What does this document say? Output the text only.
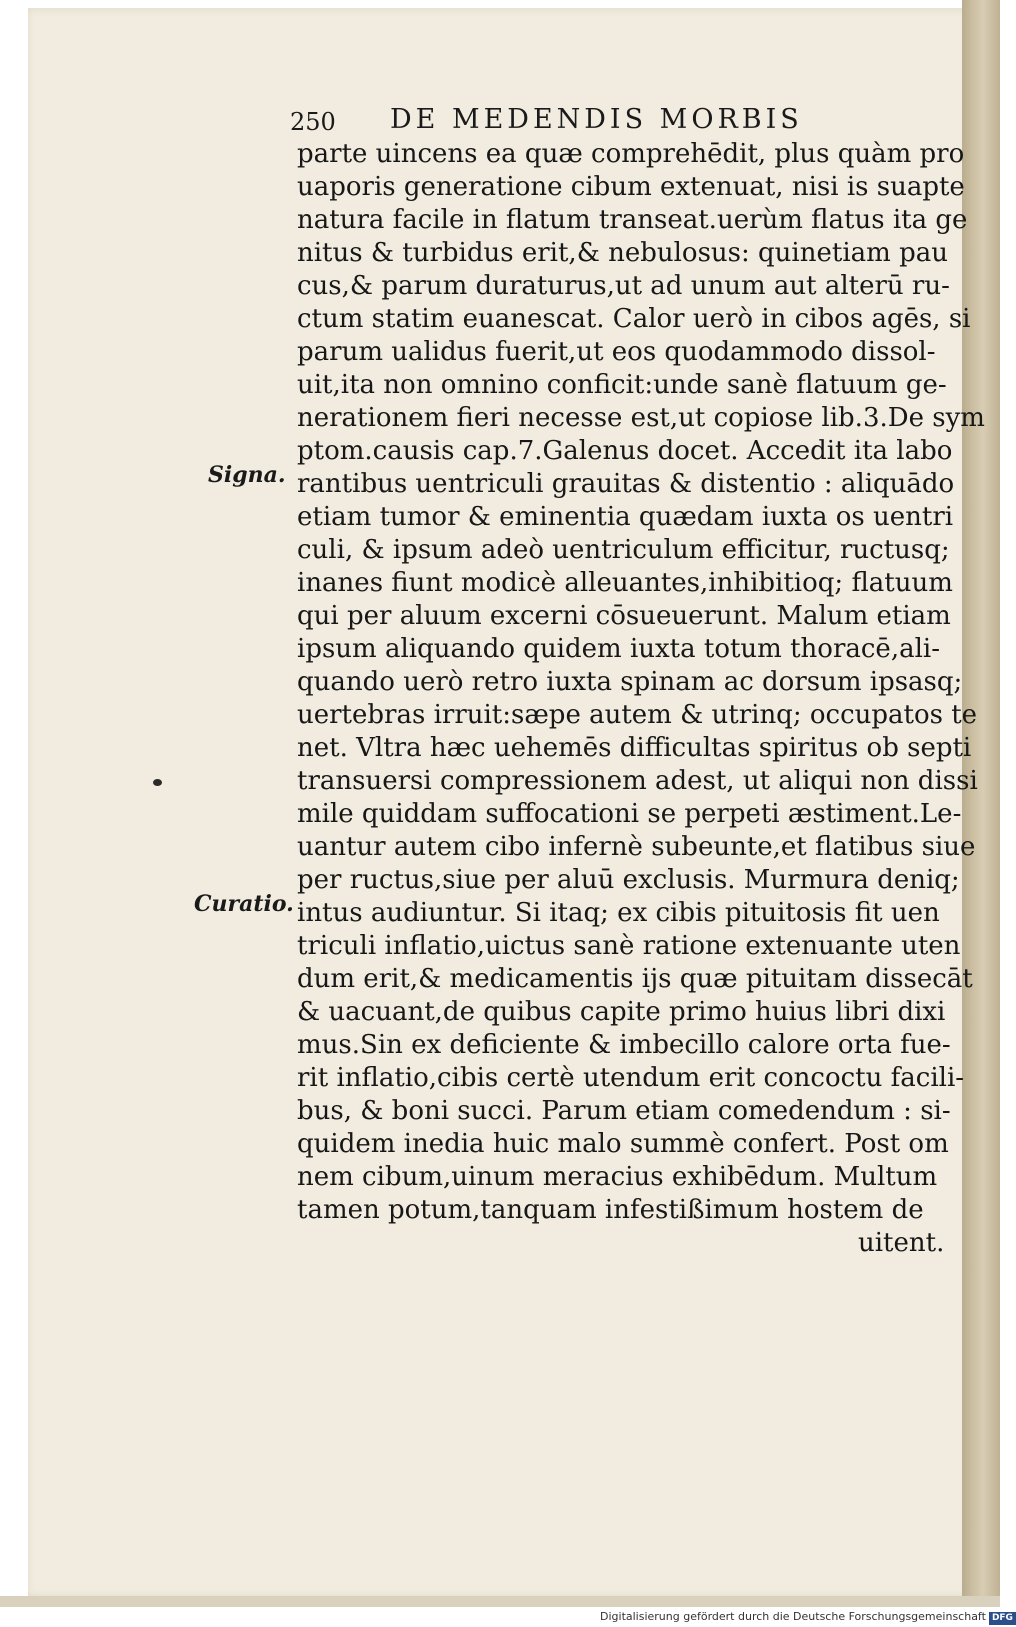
250 DE MEDENDIS MORBIS
parte uincens ea quæ comprehēdit, plus quàm pro
uaporis generatione cibum extenuat, nisi is suapte
natura facile in flatum transeat.uerùm flatus ita ge
nitus & turbidus erit,& nebulosus: quinetiam pau
cus,& parum duraturus,ut ad unum aut alterū ru-
ctum statim euanescat. Calor uerò in cibos agēs, si
parum ualidus fuerit,ut eos quodammodo dissol-
uit,ita non omnino conficit:unde sanè flatuum ge-
nerationem fieri necesse est,ut copiose lib.3.De sym
ptom.causis cap.7.Galenus docet. Accedit ita labo
rantibus uentriculi grauitas & distentio : aliquādo
etiam tumor & eminentia quædam iuxta os uentri
culi, & ipsum adeò uentriculum efficitur, ructusq;
inanes fiunt modicè alleuantes,inhibitioq; flatuum
qui per aluum excerni cōsueuerunt. Malum etiam
ipsum aliquando quidem iuxta totum thoracē,ali-
quando uerò retro iuxta spinam ac dorsum ipsasq;
uertebras irruit:sæpe autem & utrinq; occupatos te
net. Vltra hæc uehemēs difficultas spiritus ob septi
transuersi compressionem adest, ut aliqui non dissi
mile quiddam suffocationi se perpeti æstiment.Le-
uantur autem cibo infernè subeunte,et flatibus siue
per ructus,siue per aluū exclusis. Murmura deniq;
intus audiuntur. Si itaq; ex cibis pituitosis fit uen
triculi inflatio,uictus sanè ratione extenuante uten
dum erit,& medicamentis ijs quæ pituitam dissecāt
& uacuant,de quibus capite primo huius libri dixi
mus.Sin ex deficiente & imbecillo calore orta fue-
rit inflatio,cibis certè utendum erit concoctu facili-
bus, & boni succi. Parum etiam comedendum : si-
quidem inedia huic malo summè confert. Post om
nem cibum,uinum meracius exhibēdum. Multum
tamen potum,tanquam infestißimum hostem de
uitent.
Signa.
Curatio.
Digitalisierung gefördert durch die Deutsche Forschungsgemeinschaft DFG
